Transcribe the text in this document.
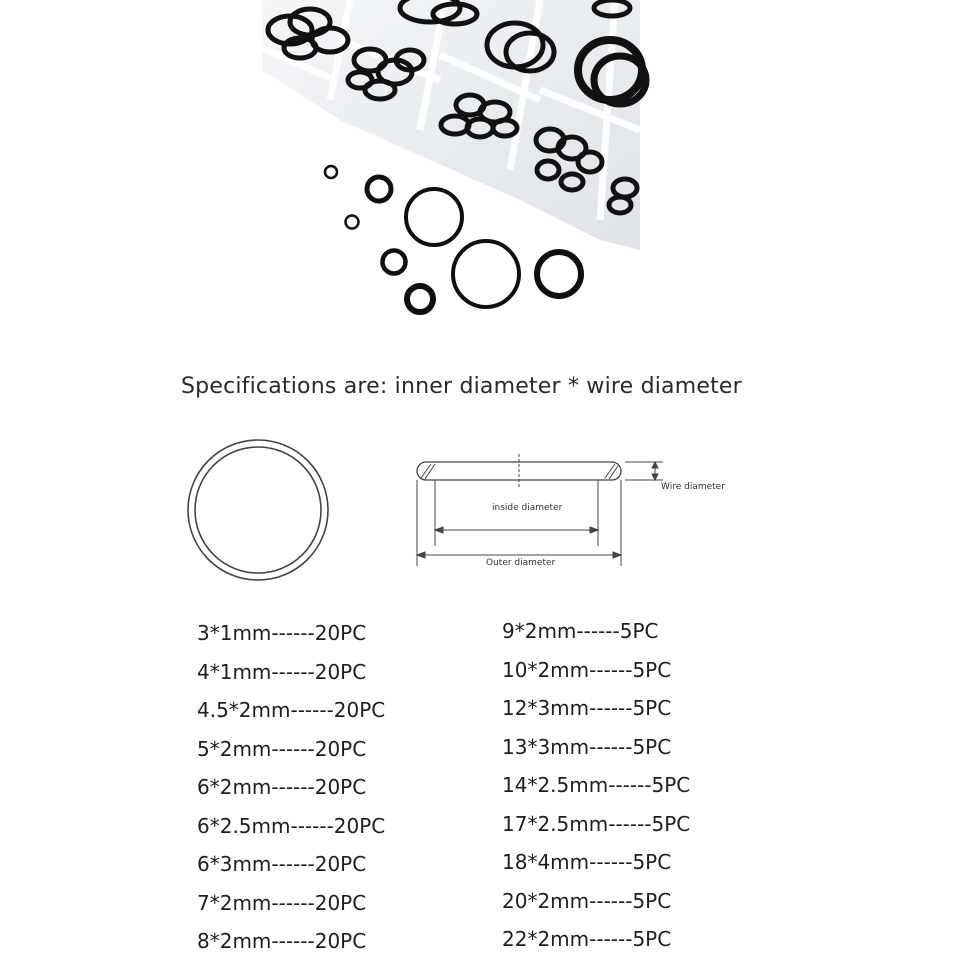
Specifications are: inner diameter * wire diameter
Wire diameter
inside diameter
Outer diameter
3*1mm------20PC
4*1mm------20PC
4.5*2mm------20PC
5*2mm------20PC
6*2mm------20PC
6*2.5mm------20PC
6*3mm------20PC
7*2mm------20PC
8*2mm------20PC
9*2mm------5PC
10*2mm------5PC
12*3mm------5PC
13*3mm------5PC
14*2.5mm------5PC
17*2.5mm------5PC
18*4mm------5PC
20*2mm------5PC
22*2mm------5PC
